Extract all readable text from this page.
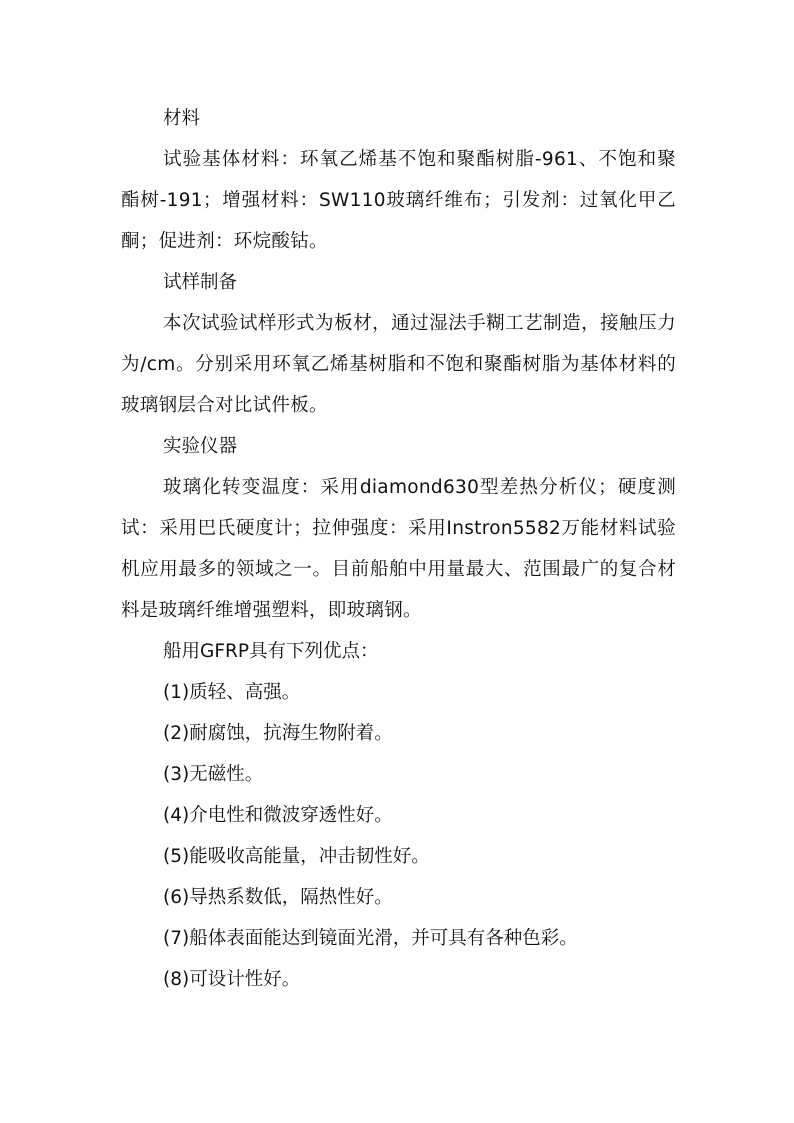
材料

试验基体材料：环氧乙烯基不饱和聚酯树脂-961、不饱和聚酯树-191；增强材料：SW110玻璃纤维布；引发剂：过氧化甲乙酮；促进剂：环烷酸钴。

试样制备

本次试验试样形式为板材，通过湿法手糊工艺制造，接触压力为/cm。分别采用环氧乙烯基树脂和不饱和聚酯树脂为基体材料的玻璃钢层合对比试件板。

实验仪器

玻璃化转变温度：采用diamond630型差热分析仪；硬度测试：采用巴氏硬度计；拉伸强度：采用Instron5582万能材料试验机应用最多的领域之一。目前船舶中用量最大、范围最广的复合材料是玻璃纤维增强塑料，即玻璃钢。

船用GFRP具有下列优点：

(1)质轻、高强。

(2)耐腐蚀，抗海生物附着。

(3)无磁性。

(4)介电性和微波穿透性好。

(5)能吸收高能量，冲击韧性好。

(6)导热系数低，隔热性好。

(7)船体表面能达到镜面光滑，并可具有各种色彩。

(8)可设计性好。
